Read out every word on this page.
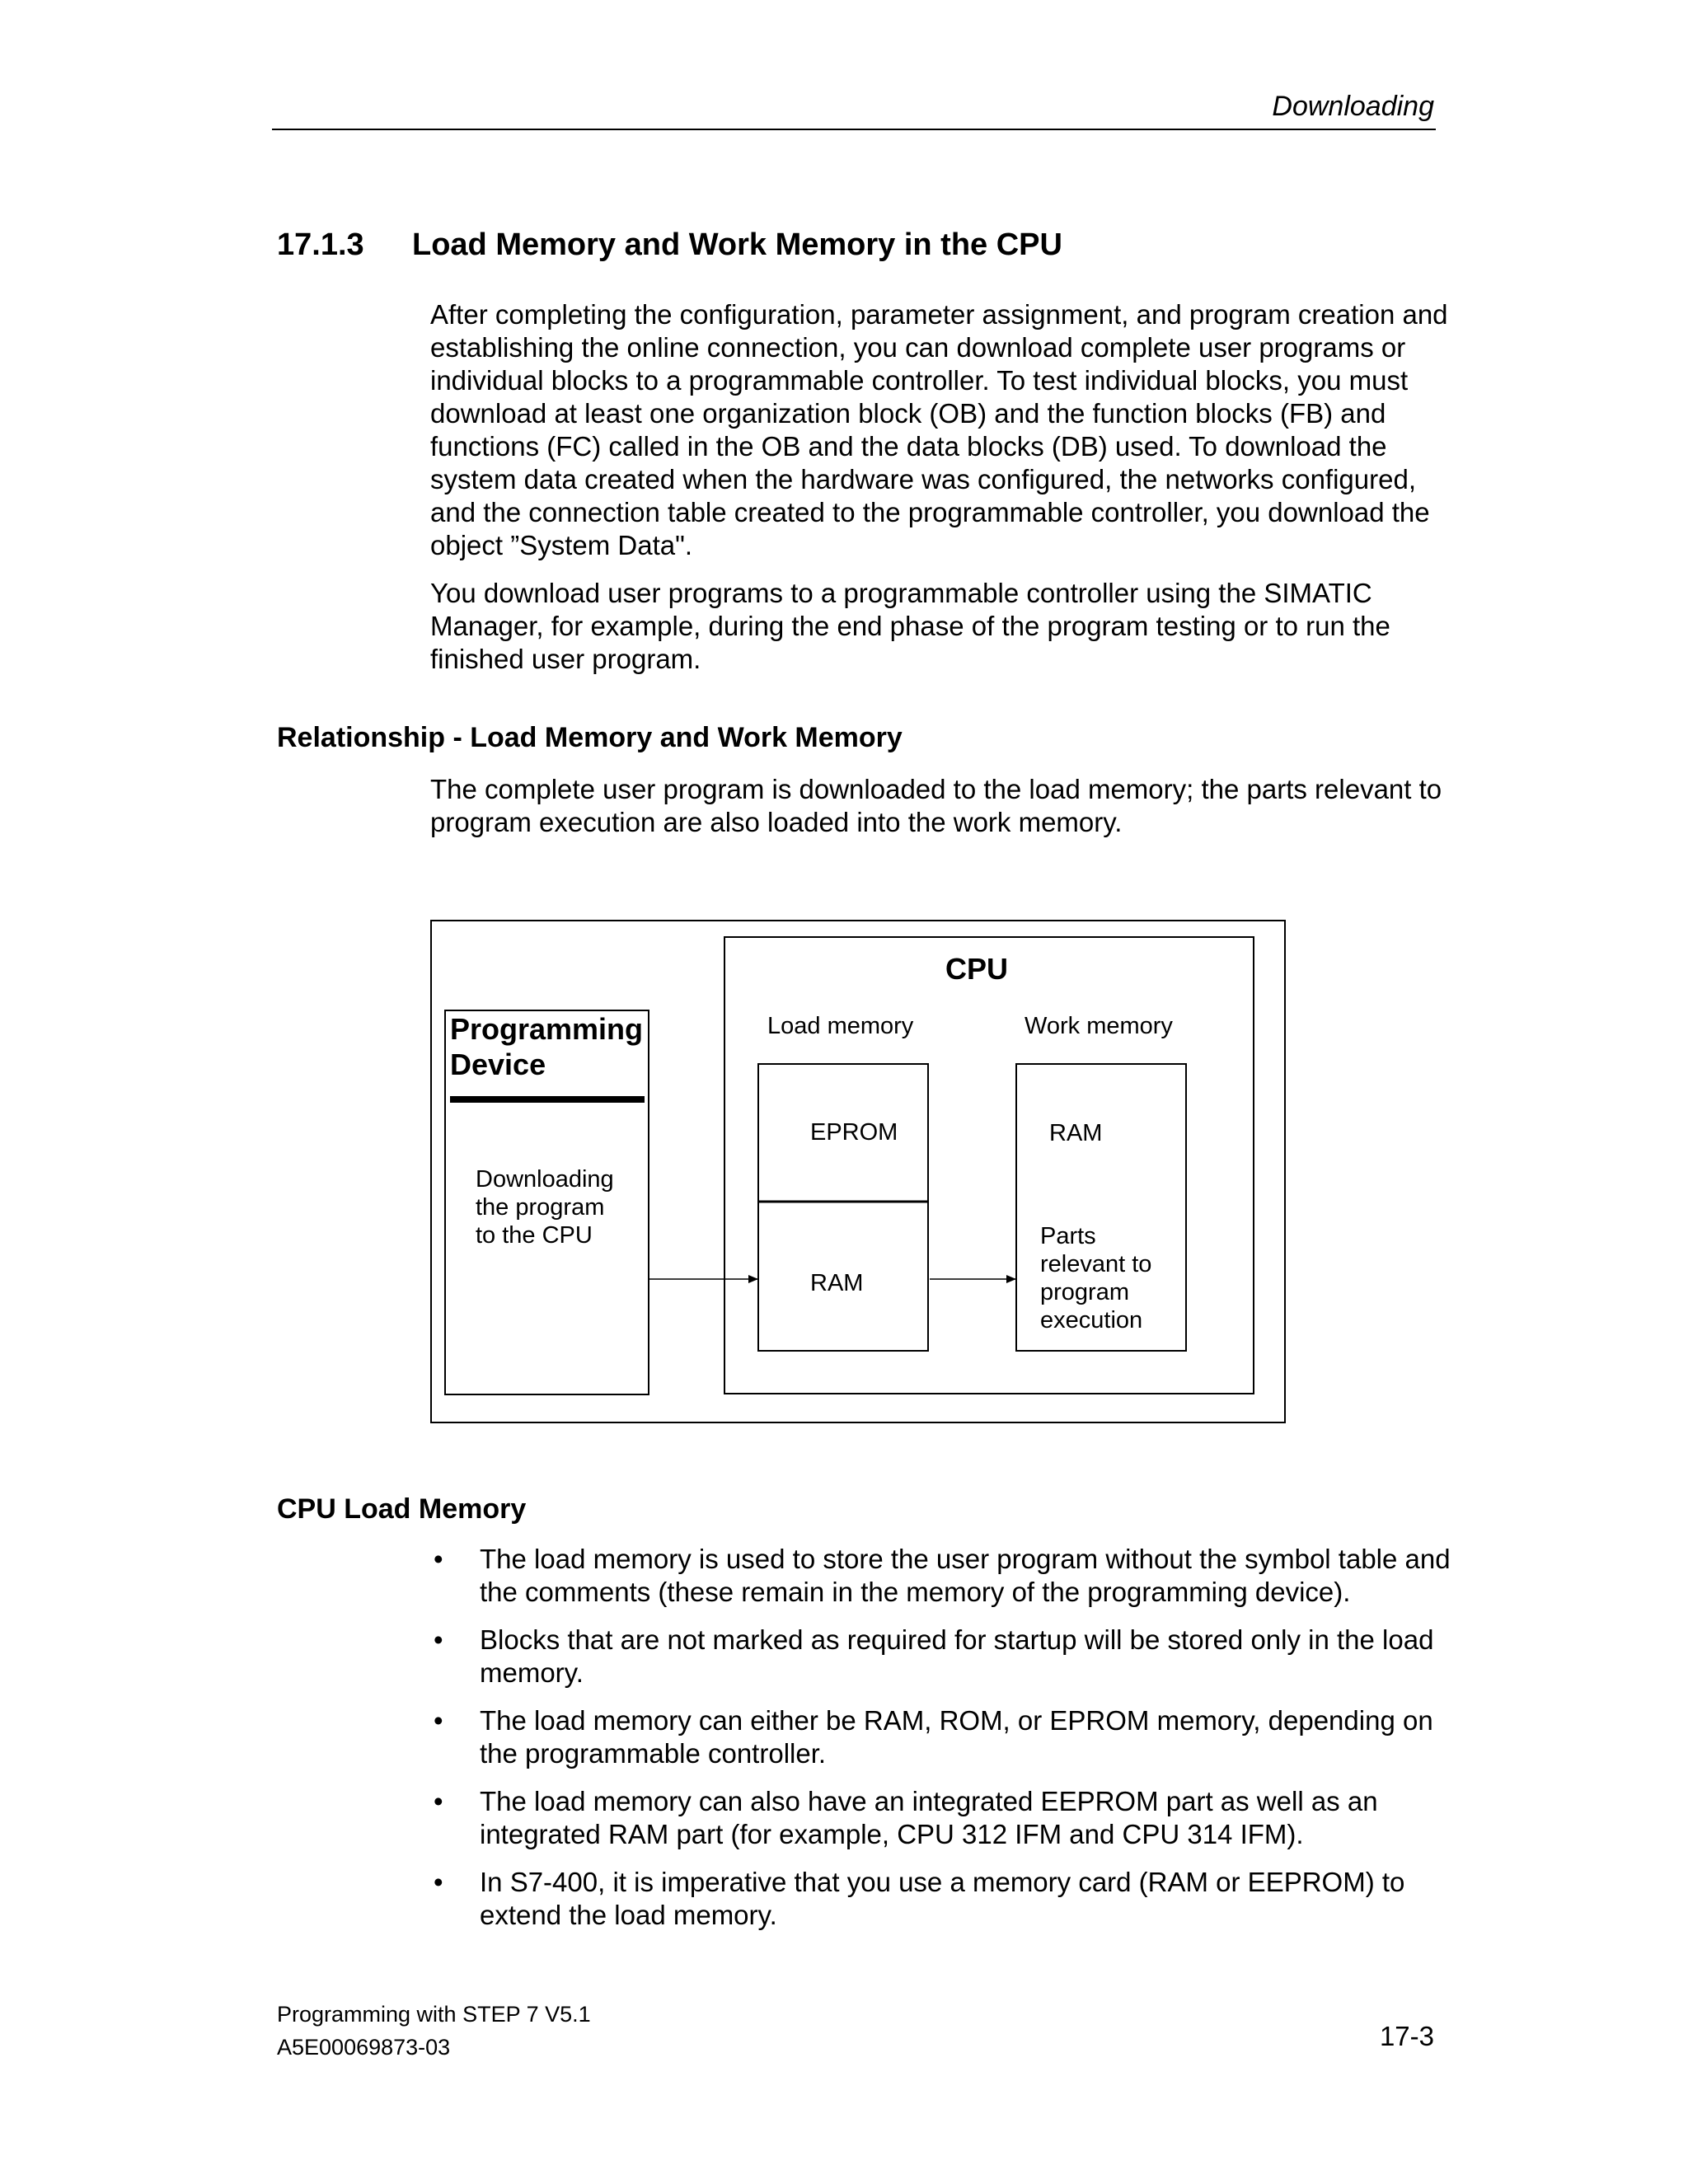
Downloading
17.1.3 Load Memory and Work Memory in the CPU
After completing the configuration, parameter assignment, and program creation and establishing the online connection, you can download complete user programs or individual blocks to a programmable controller. To test individual blocks, you must download at least one organization block (OB) and the function blocks (FB) and functions (FC) called in the OB and the data blocks (DB) used. To download the system data created when the hardware was configured, the networks configured, and the connection table created to the programmable controller, you download the object ”System Data".
You download user programs to a programmable controller using the SIMATIC Manager, for example, during the end phase of the program testing or to run the finished user program.
Relationship - Load Memory and Work Memory
The complete user program is downloaded to the load memory; the parts relevant to program execution are also loaded into the work memory.
CPU
Programming
Device
Downloading
the program
to the CPU
Load memory	Work memory
EPROM
RAM
RAM
Parts
relevant to
program
execution
CPU Load Memory
• The load memory is used to store the user program without the symbol table and the comments (these remain in the memory of the programming device).
• Blocks that are not marked as required for startup will be stored only in the load memory.
• The load memory can either be RAM, ROM, or EPROM memory, depending on the programmable controller.
• The load memory can also have an integrated EEPROM part as well as an integrated RAM part (for example, CPU 312 IFM and CPU 314 IFM).
• In S7-400, it is imperative that you use a memory card (RAM or EEPROM) to extend the load memory.
Programming with STEP 7 V5.1
A5E00069873-03	17-3
